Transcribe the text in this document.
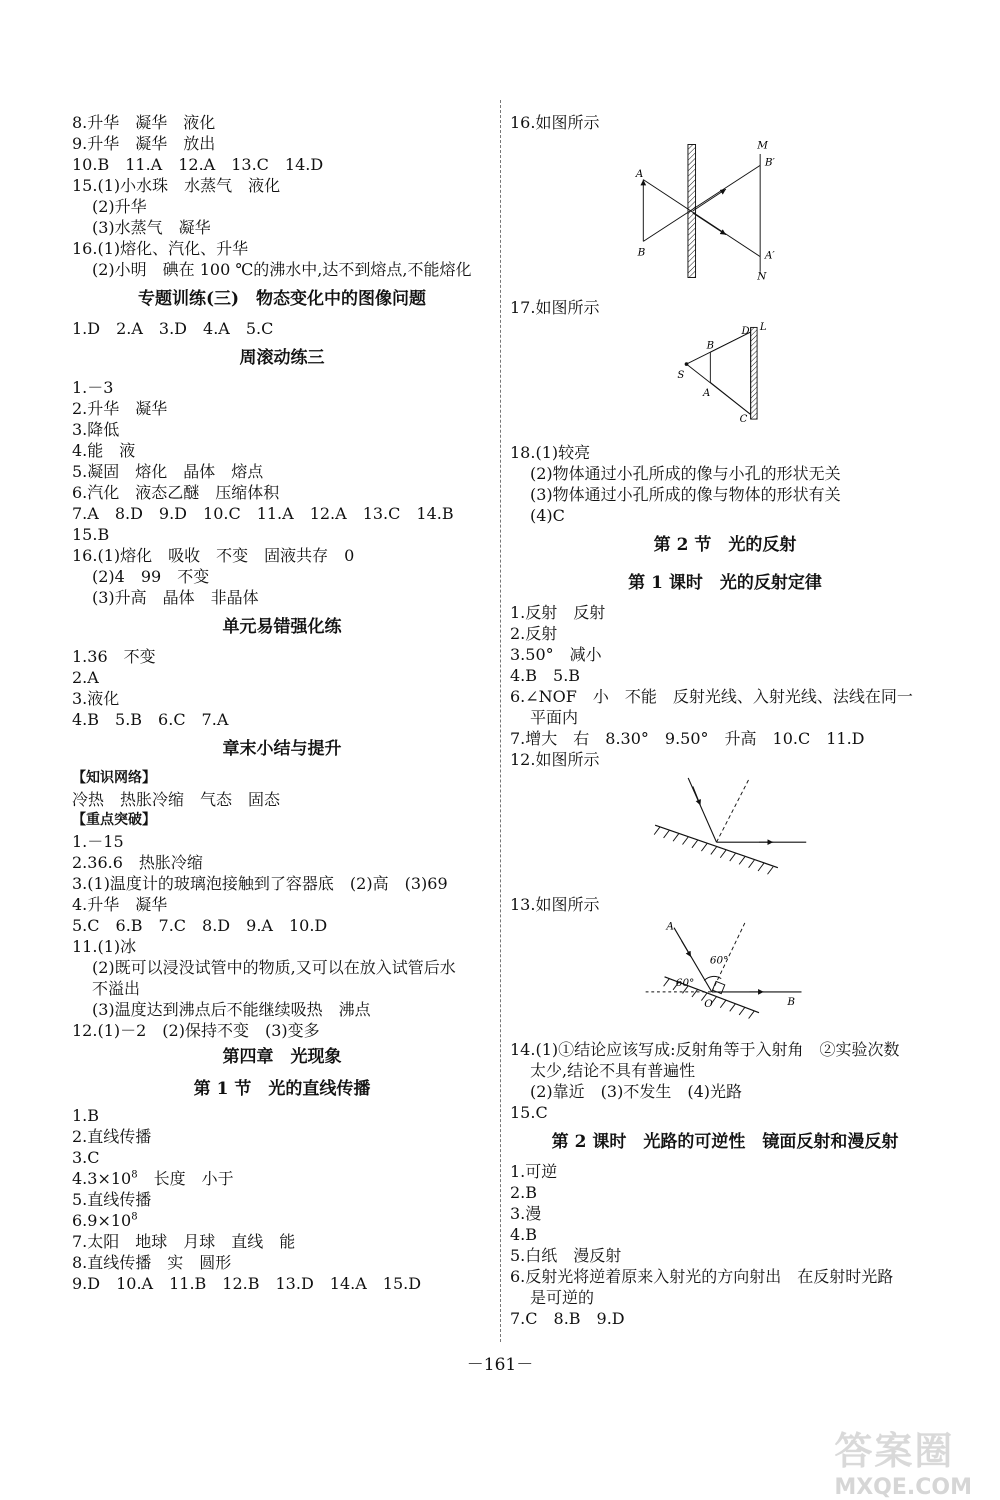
8.升华　凝华　液化
9.升华　凝华　放出
10.B　11.A　12.A　13.C　14.D
15.(1)小水珠　水蒸气　液化
(2)升华
(3)水蒸气　凝华
16.(1)熔化、汽化、升华
(2)小明　碘在 100 ℃的沸水中,达不到熔点,不能熔化
专题训练(三)　物态变化中的图像问题
1.D　2.A　3.D　4.A　5.C
周滚动练三
1.－3
2.升华　凝华
3.降低
4.能　液
5.凝固　熔化　晶体　熔点
6.汽化　液态乙醚　压缩体积
7.A　8.D　9.D　10.C　11.A　12.A　13.C　14.B
15.B
16.(1)熔化　吸收　不变　固液共存　0
(2)4　99　不变
(3)升高　晶体　非晶体
单元易错强化练
1.36　不变
2.A
3.液化
4.B　5.B　6.C　7.A
章末小结与提升
【知识网络】
冷热　热胀冷缩　气态　固态
【重点突破】
1.－15
2.36.6　热胀冷缩
3.(1)温度计的玻璃泡接触到了容器底　(2)高　(3)69
4.升华　凝华
5.C　6.B　7.C　8.D　9.A　10.D
11.(1)冰
(2)既可以浸没试管中的物质,又可以在放入试管后水
不溢出
(3)温度达到沸点后不能继续吸热　沸点
12.(1)－2　(2)保持不变　(3)变多
第四章　光现象
第 1 节　光的直线传播
1.B
2.直线传播
3.C
$4.3\times 10^8$　长度　小于
5.直线传播
$6.9\times 10^8$
7.太阳　地球　月球　直线　能
8.直线传播　实　圆形
9.D　10.A　11.B　12.B　13.D　14.A　15.D
16.如图所示
M
B′
A
B	A′
N
17.如图所示
L
D
B
S
A
C
18.(1)较亮
(2)物体通过小孔所成的像与小孔的形状无关
(3)物体通过小孔所成的像与物体的形状有关
(4)C
第 2 节　光的反射
第 1 课时　光的反射定律
1.反射　反射
2.反射
3.50°　减小
4.B　5.B
6.∠NOF　小　不能　反射光线、入射光线、法线在同一
平面内
7.增大　右　8.30°　9.50°　升高　10.C　11.D
12.如图所示
13.如图所示
A
60°
60°
O	B
14.(1)①结论应该写成:反射角等于入射角　②实验次数
太少,结论不具有普遍性
(2)靠近　(3)不发生　(4)光路
15.C
第 2 课时　光路的可逆性　镜面反射和漫反射
1.可逆
2.B
3.漫
4.B
5.白纸　漫反射
6.反射光将逆着原来入射光的方向射出　在反射时光路
是可逆的
7.C　8.B　9.D
－161－
答案圈
MXQE.COM
